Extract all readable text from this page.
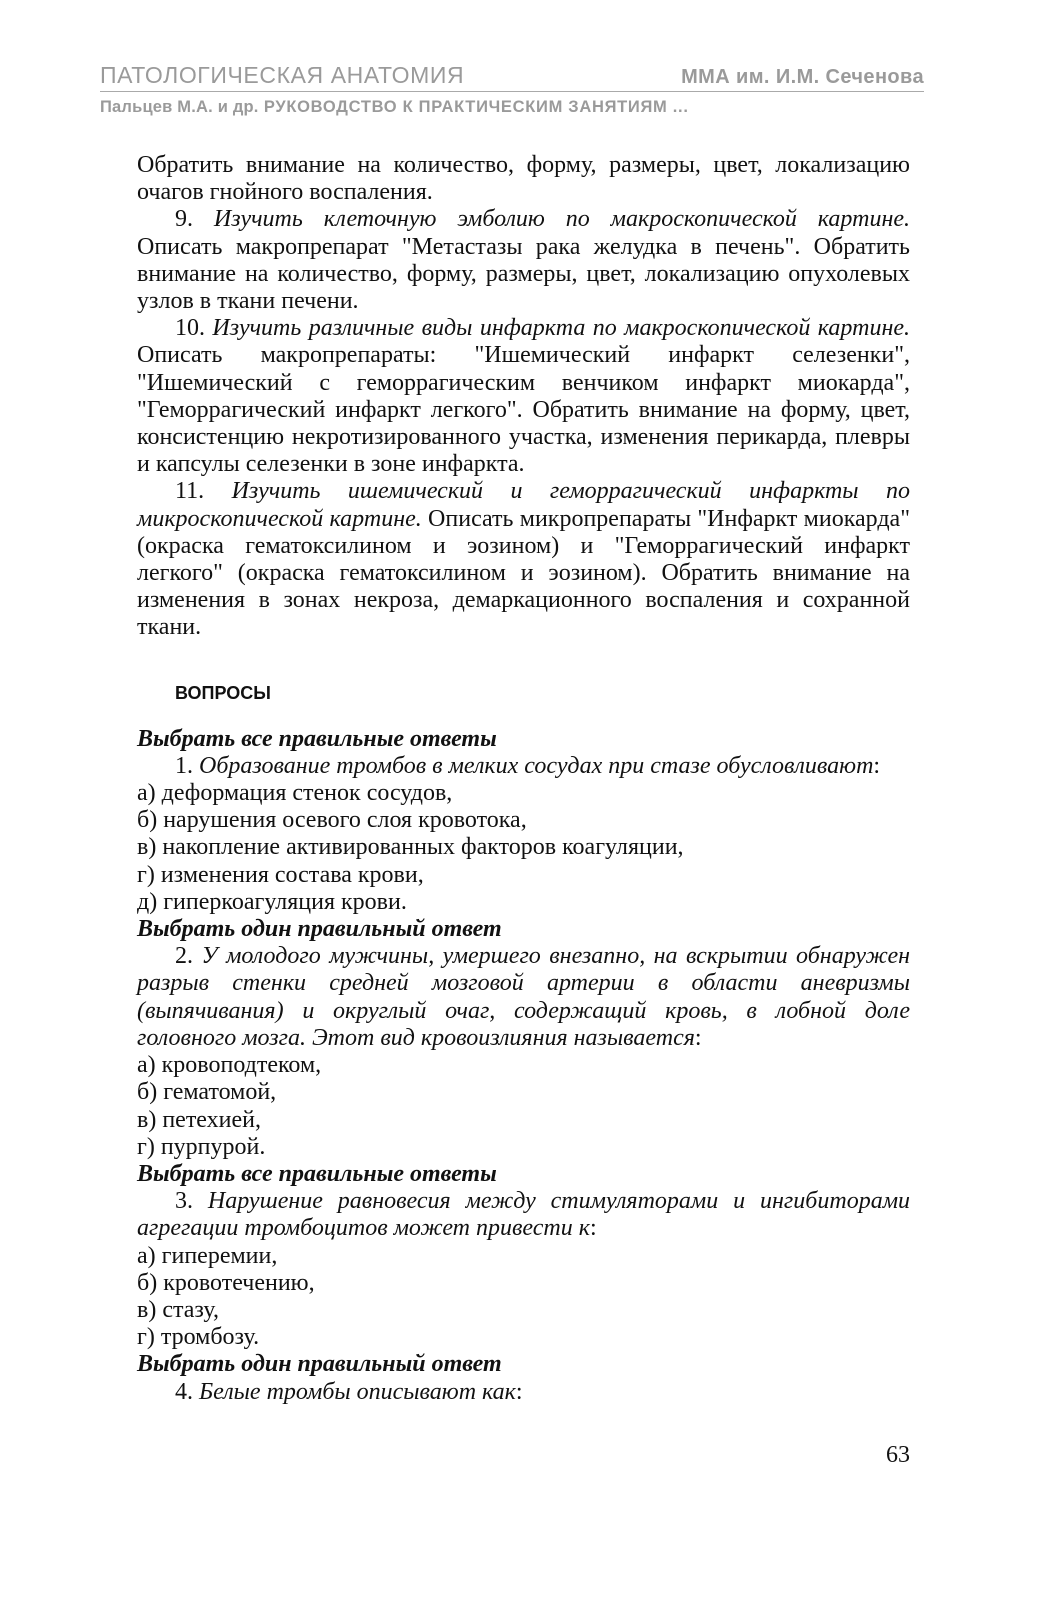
ПАТОЛОГИЧЕСКАЯ АНАТОМИЯ	ММА им. И.М. Сеченова
Пальцев М.А. и др. РУКОВОДСТВО К ПРАКТИЧЕСКИМ ЗАНЯТИЯМ ...

Обратить внимание на количество, форму, размеры, цвет, локализацию очагов гнойного воспаления.

9. Изучить клеточную эмболию по макроскопической картине. Описать макропрепарат "Метастазы рака желудка в печень". Обратить внимание на количество, форму, размеры, цвет, локализацию опухолевых узлов в ткани печени.

10. Изучить различные виды инфаркта по макроскопической картине. Описать макропрепараты: "Ишемический инфаркт селезенки", "Ишемический с геморрагическим венчиком инфаркт миокарда", "Геморрагический инфаркт легкого". Обратить внимание на форму, цвет, консистенцию некротизированного участка, изменения перикарда, плевры и капсулы селезенки в зоне инфаркта.

11. Изучить ишемический и геморрагический инфаркты по микроскопической картине. Описать микропрепараты "Инфаркт миокарда" (окраска гематоксилином и эозином) и "Геморрагический инфаркт легкого" (окраска гематоксилином и эозином). Обратить внимание на изменения в зонах некроза, демаркационного воспаления и сохранной ткани.

ВОПРОСЫ

Выбрать все правильные ответы

1. Образование тромбов в мелких сосудах при стазе обусловливают:

а) деформация стенок сосудов,

б) нарушения осевого слоя кровотока,

в) накопление активированных факторов коагуляции,

г) изменения состава крови,

д) гиперкоагуляция крови.

Выбрать один правильный ответ

2. У молодого мужчины, умершего внезапно, на вскрытии обнаружен разрыв стенки средней мозговой артерии в области аневризмы (выпячивания) и округлый очаг, содержащий кровь, в лобной доле головного мозга. Этот вид кровоизлияния называется:

а) кровоподтеком,

б) гематомой,

в) петехией,

г) пурпурой.

Выбрать все правильные ответы

3. Нарушение равновесия между стимуляторами и ингибиторами агрегации тромбоцитов может привести к:

а) гиперемии,

б) кровотечению,

в) стазу,

г) тромбозу.

Выбрать один правильный ответ

4. Белые тромбы описывают как:

63
